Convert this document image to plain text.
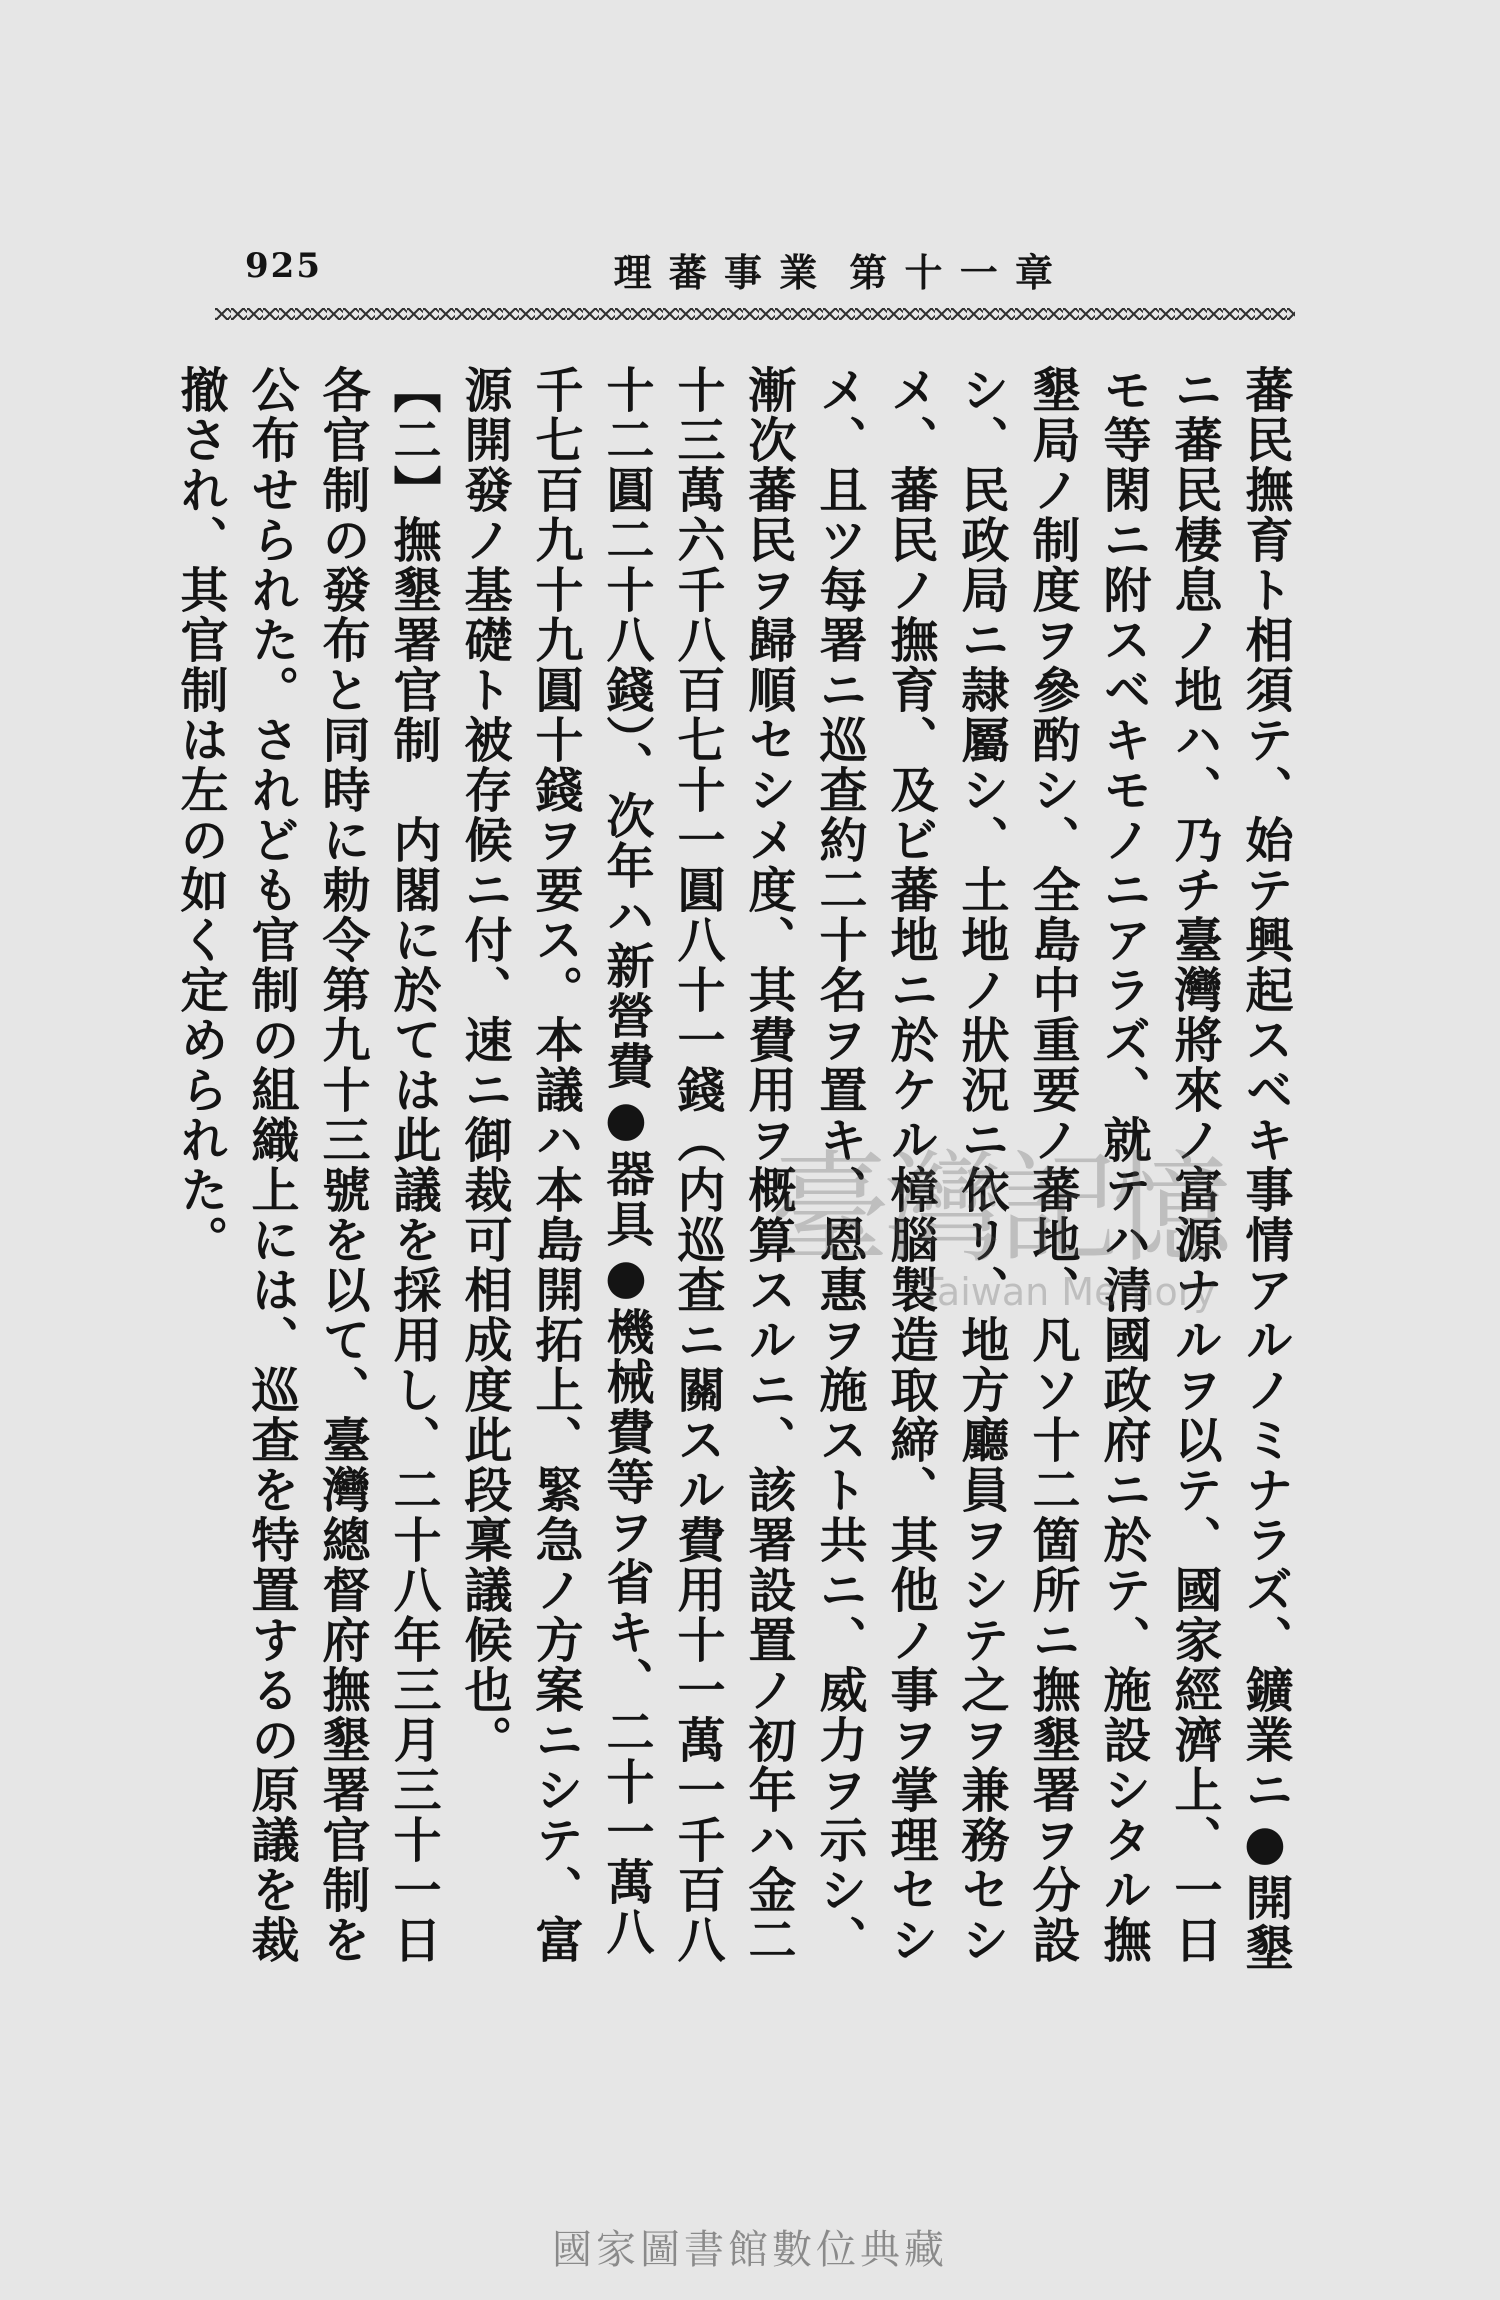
925	理 蕃 事 業 第 十 一 章

蕃民撫育ト相須テ、始テ興起スベキ事情アルノミナラズ、鑛業ニ●開墾ニ蕃民棲息ノ地ハ、乃チ臺灣將來ノ富源ナルヲ以テ、國家經濟上、一日モ等閑ニ附スベキモノニアラズ、就テハ清國政府ニ於テ、施設シタル撫墾局ノ制度ヲ參酌シ、全島中重要ノ蕃地、凡ソ十二箇所ニ撫墾署ヲ分設シ、民政局ニ隷屬シ、土地ノ狀況ニ依リ、地方廳員ヲシテ之ヲ兼務セシメ、蕃民ノ撫育、及ビ蕃地ニ於ケル樟腦製造取締、其他ノ事ヲ掌理セシメ、且ツ每署ニ巡查約二十名ヲ置キ、恩惠ヲ施スト共ニ、威力ヲ示シ、漸次蕃民ヲ歸順セシメ度、其費用ヲ概算スルニ、該署設置ノ初年ハ金二十三萬六千八百七十一圓八十一錢（内巡查ニ關スル費用十一萬一千百八十二圓二十八錢）、次年ハ新營費●器具●機械費等ヲ省キ、二十一萬八千七百九十九圓十錢ヲ要ス。本議ハ本島開拓上、緊急ノ方案ニシテ、富源開發ノ基礎ト被存候ニ付、速ニ御裁可相成度此段稟議候也。

【二】撫墾署官制　内閣に於ては此議を採用し、二十八年三月三十一日各官制の發布と同時に勅令第九十三號を以て、臺灣總督府撫墾署官制を公布せられた。されども官制の組織上には、巡查を特置するの原議を裁撤され、其官制は左の如く定められた。	臺灣記憶
Taiwan Memory
國家圖書館數位典藏
